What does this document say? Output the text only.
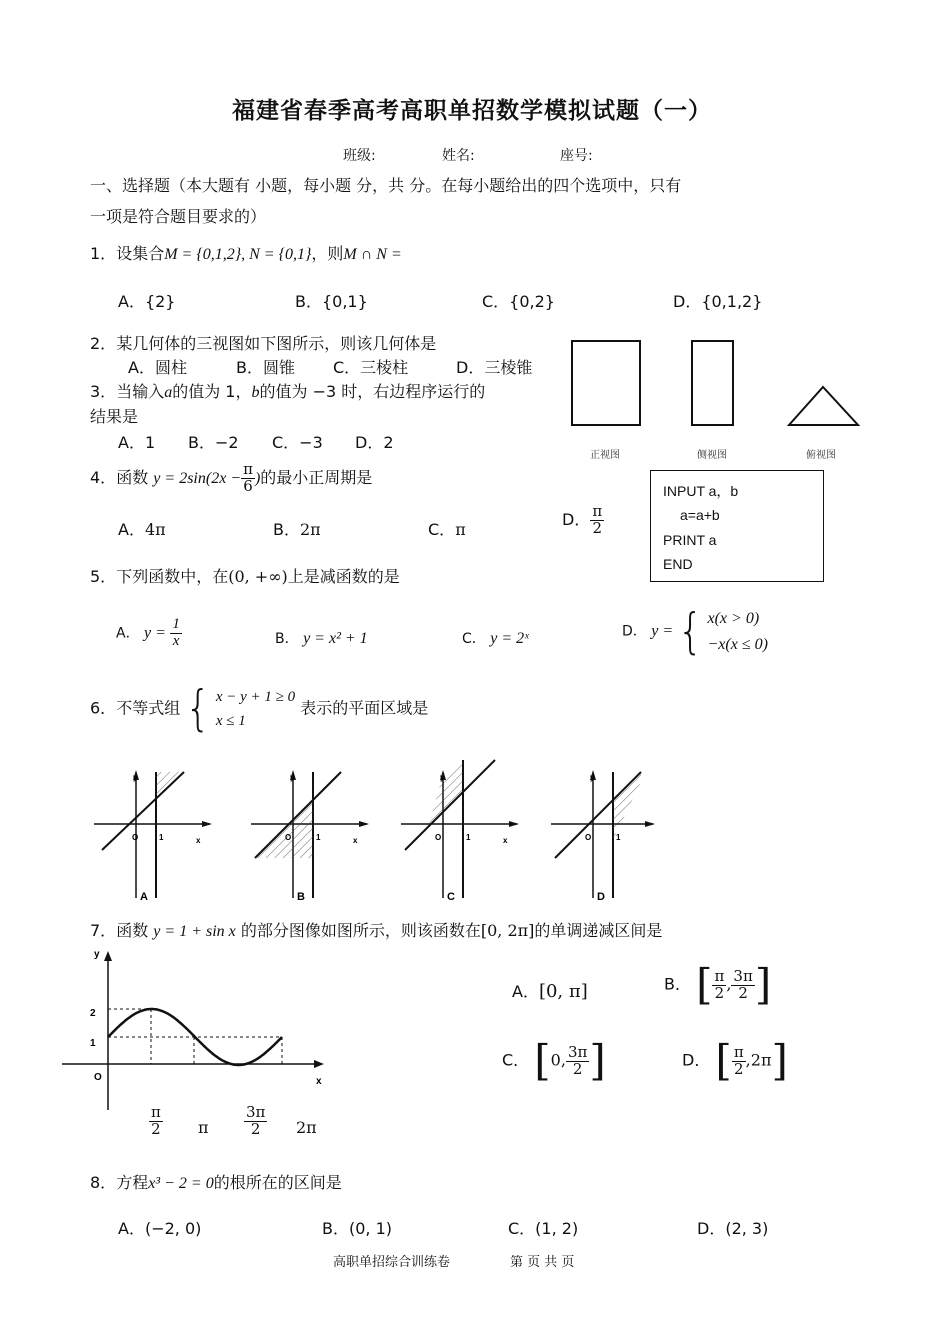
福建省春季高考高职单招数学模拟试题（一）
班级:	姓名:	座号:
一、选择题（本大题有 小题，每小题 分，共 分。在每小题给出的四个选项中，只有
一项是符合题目要求的）
1．设集合M = {0,1,2}, N = {0,1}，则M ∩ N =
A．{2}	B．{0,1}	C．{0,2}	D．{0,1,2}
2．某几何体的三视图如下图所示，则该几何体是
A．圆柱	B．圆锥 C．三棱柱	D．三棱锥
正视图	侧视图	俯视图
3．当输入a的值为 1，b的值为 −3 时，右边程序运行的
结果是
A．1 B．−2 C．−3 D．2
INPUT a，b
a=a+b
PRINT a
END
4．函数 $y = 2\sin(2x - \frac{\pi}{6}$ )的最小正周期是
A．4π	B．2π	C．π
D． $\frac{\pi}{2}$
5．下列函数中，在(0, +∞)上是减函数的是
A． $y = \frac{1}{x}$	B． y = x² + 1	C． y = 2ˣ	D． y = { x(x > 0)
−x(x ≤ 0)
6．不等式组 { x − y + 1 ≥ 0
x ≤ 1
表示的平面区域是
y
O	1	x
A
y
O	1	x
B
y
O	1	x
C
y
O	1
D
7．函数 y = 1 + sin x 的部分图像如图所示，则该函数在[0, 2π]的单调递减区间是
y
2
1
O	x
$\frac{\pi}{2}$ π $\frac{3\pi}{2} 2\pi$
A．[0, π]	B． [ $\frac{\pi}{2}$ , $\frac{3\pi}{2}$ ]
C． [0, $\frac{3\pi}{2}$ ]	D． [ $\frac{\pi}{2} ,2\pi$]
8．方程x³ − 2 = 0的根所在的区间是
A．(−2, 0)	B．(0, 1)	C．(1, 2)	D．(2, 3)
高职单招综合训练卷	第 页 共 页
